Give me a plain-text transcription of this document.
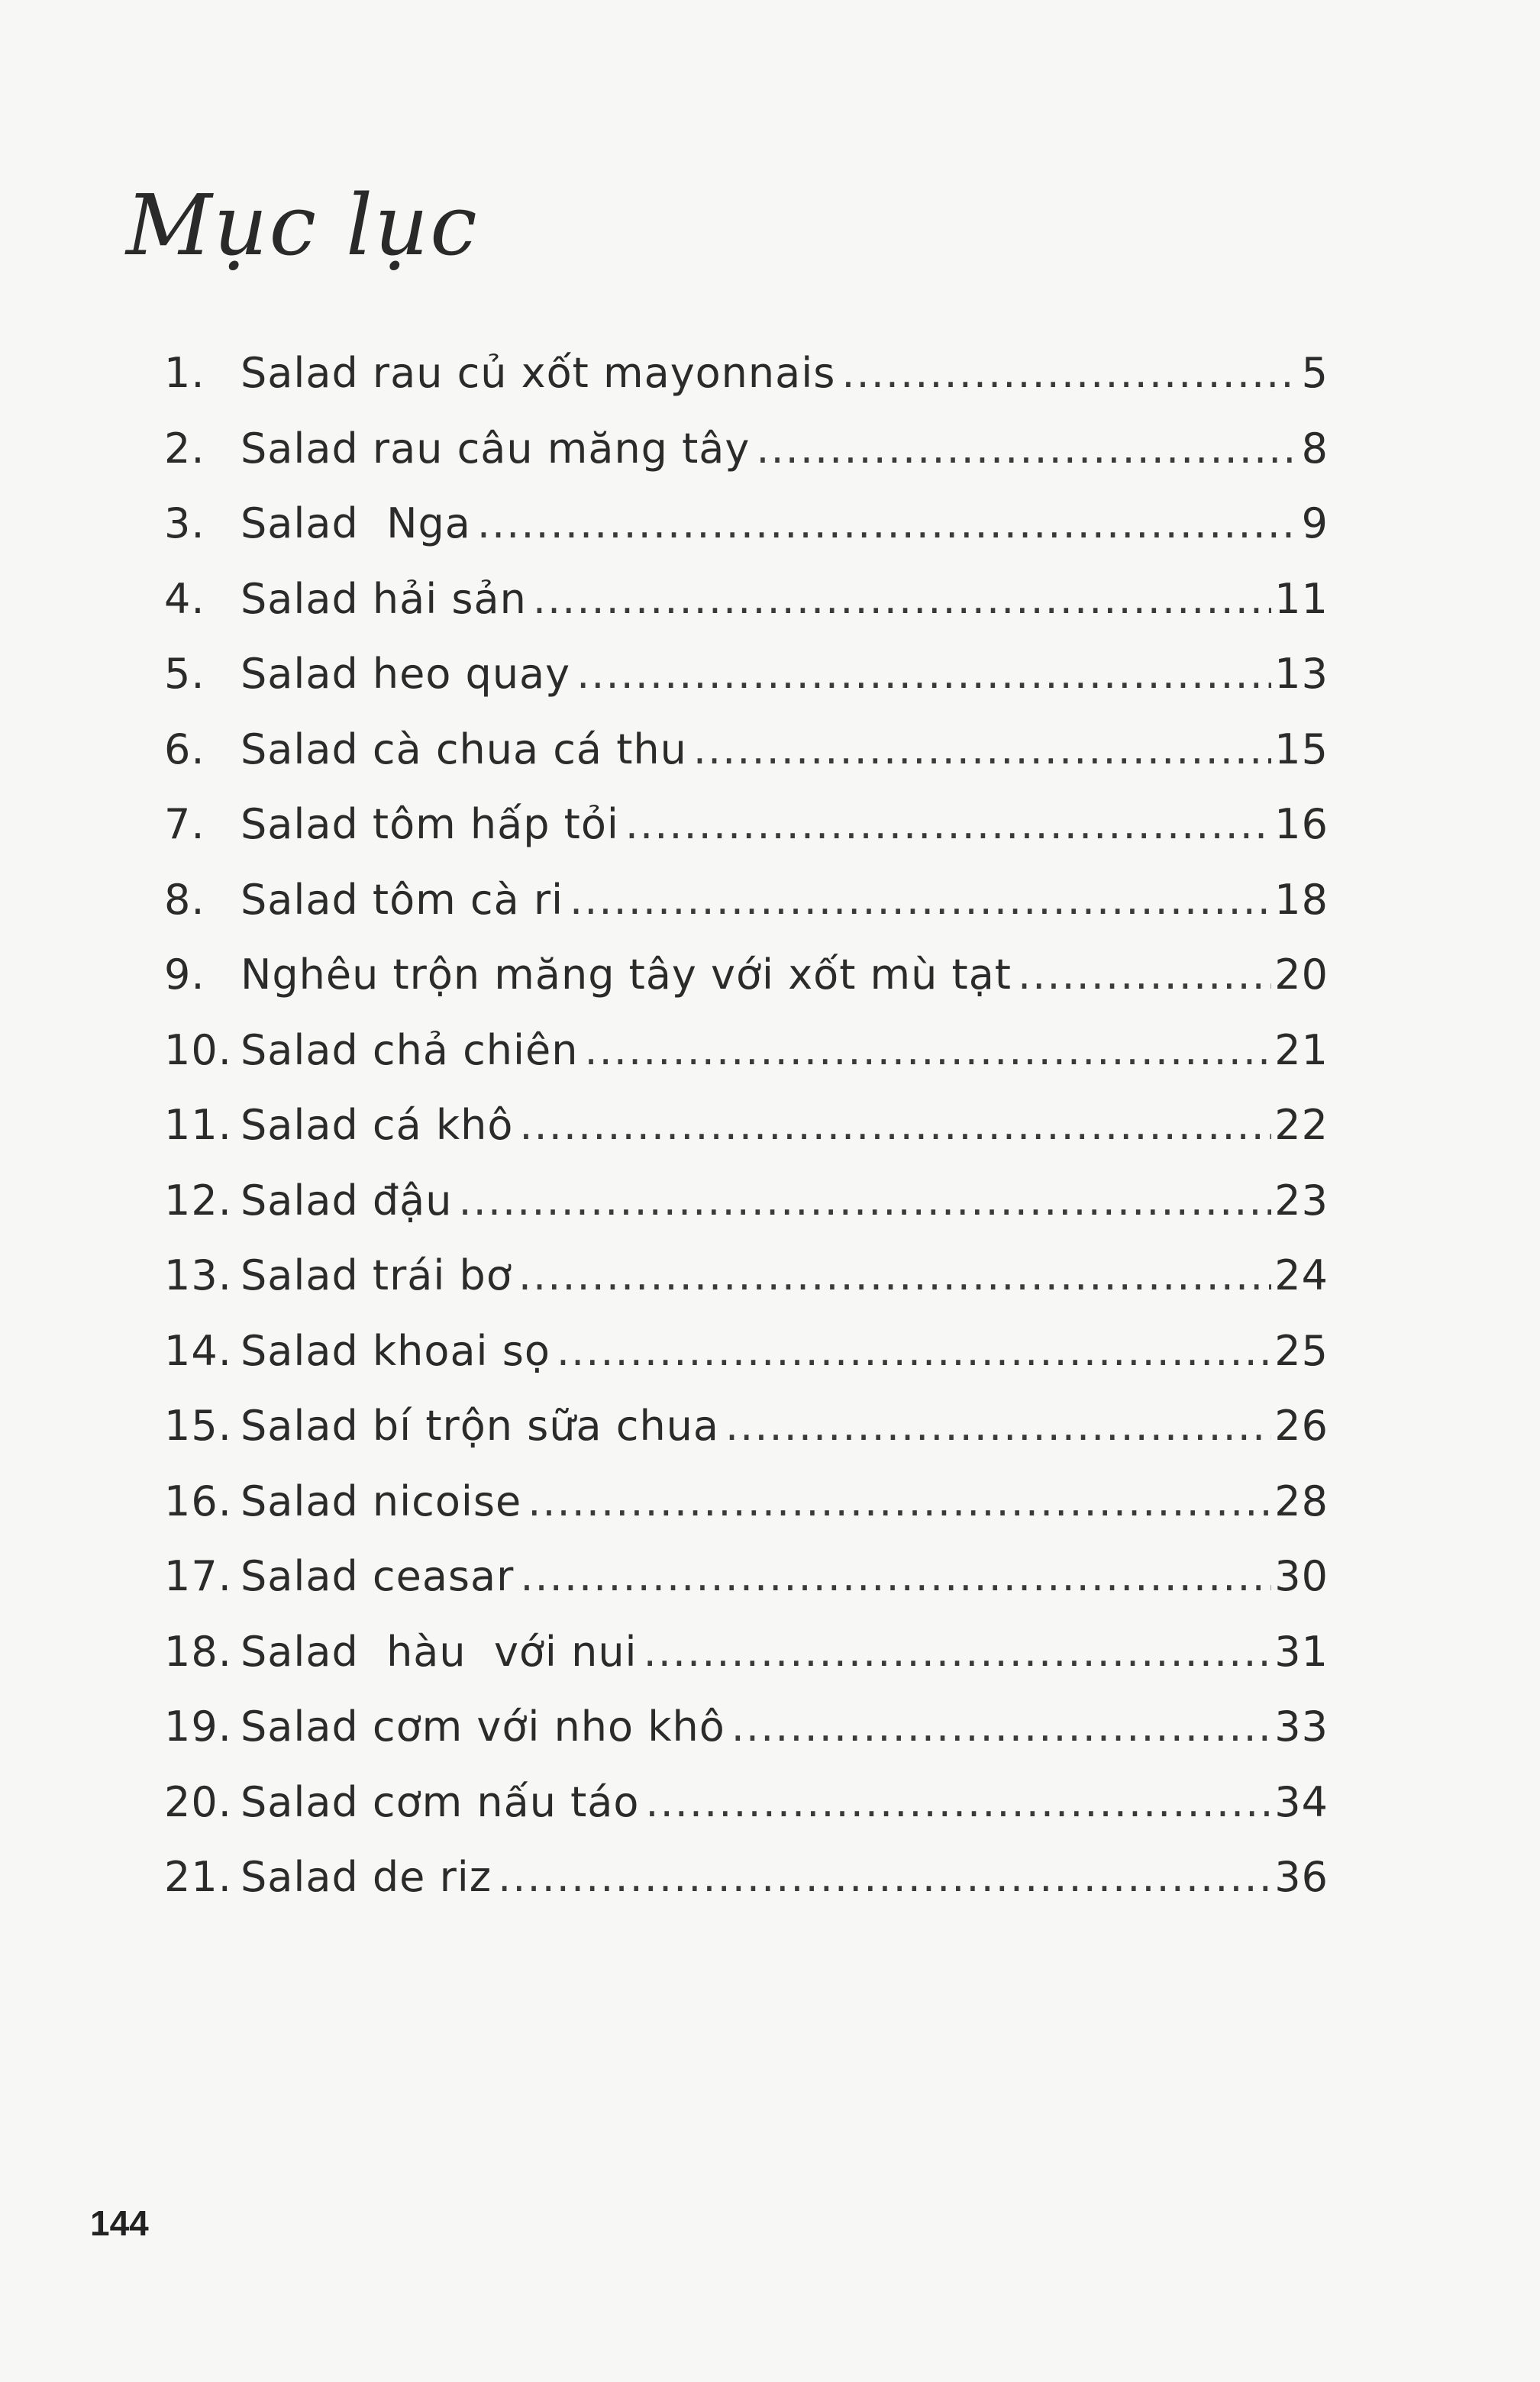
Mục lục
1. Salad rau củ xốt mayonnais .....	5
2. Salad rau câu măng tây .....	8
3. Salad  Nga .....	9
4. Salad hải sản .....	11
5. Salad heo quay .....	13
6. Salad cà chua cá thu .....	15
7. Salad tôm hấp tỏi .....	16
8. Salad tôm cà ri .....	18
9. Nghêu trộn măng tây với xốt mù tạt .....	20
10. Salad chả chiên .....	21
11. Salad cá khô .....	22
12. Salad đậu .....	23
13. Salad trái bơ .....	24
14. Salad khoai sọ .....	25
15. Salad bí trộn sữa chua .....	26
16. Salad nicoise .....	28
17. Salad ceasar .....	30
18. Salad  hàu  với nui .....	31
19. Salad cơm với nho khô .....	33
20. Salad cơm nấu táo .....	34
21. Salad de riz .....	36
144
